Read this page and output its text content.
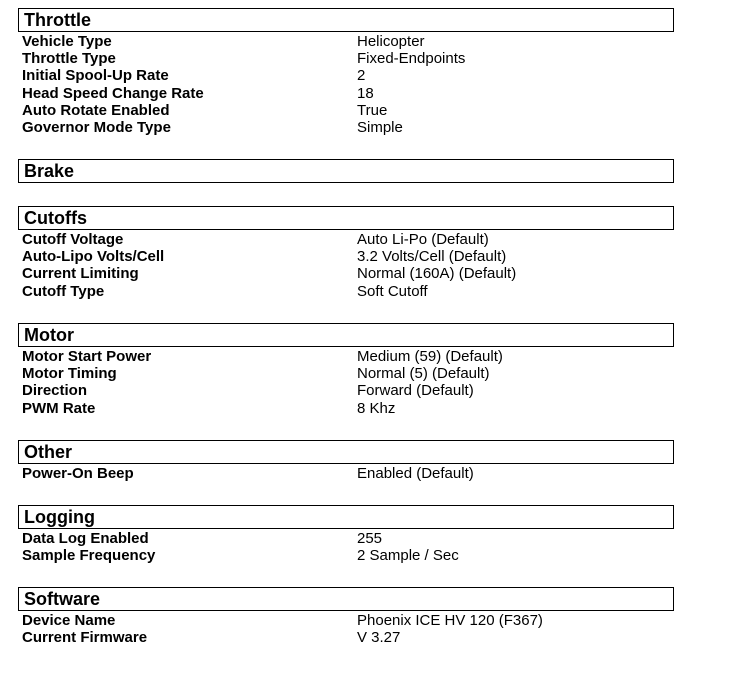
Throttle
Vehicle Type	Helicopter
Throttle Type	Fixed-Endpoints
Initial Spool-Up Rate	2
Head Speed Change Rate	18
Auto Rotate Enabled	True
Governor Mode Type	Simple
Brake
Cutoffs
Cutoff Voltage	Auto Li-Po (Default)
Auto-Lipo Volts/Cell	3.2 Volts/Cell (Default)
Current Limiting	Normal (160A) (Default)
Cutoff Type	Soft Cutoff
Motor
Motor Start Power	Medium (59) (Default)
Motor Timing	Normal (5) (Default)
Direction	Forward (Default)
PWM Rate	8 Khz
Other
Power-On Beep	Enabled (Default)
Logging
Data Log Enabled	255
Sample Frequency	2 Sample / Sec
Software
Device Name	Phoenix ICE HV 120 (F367)
Current Firmware	V 3.27
